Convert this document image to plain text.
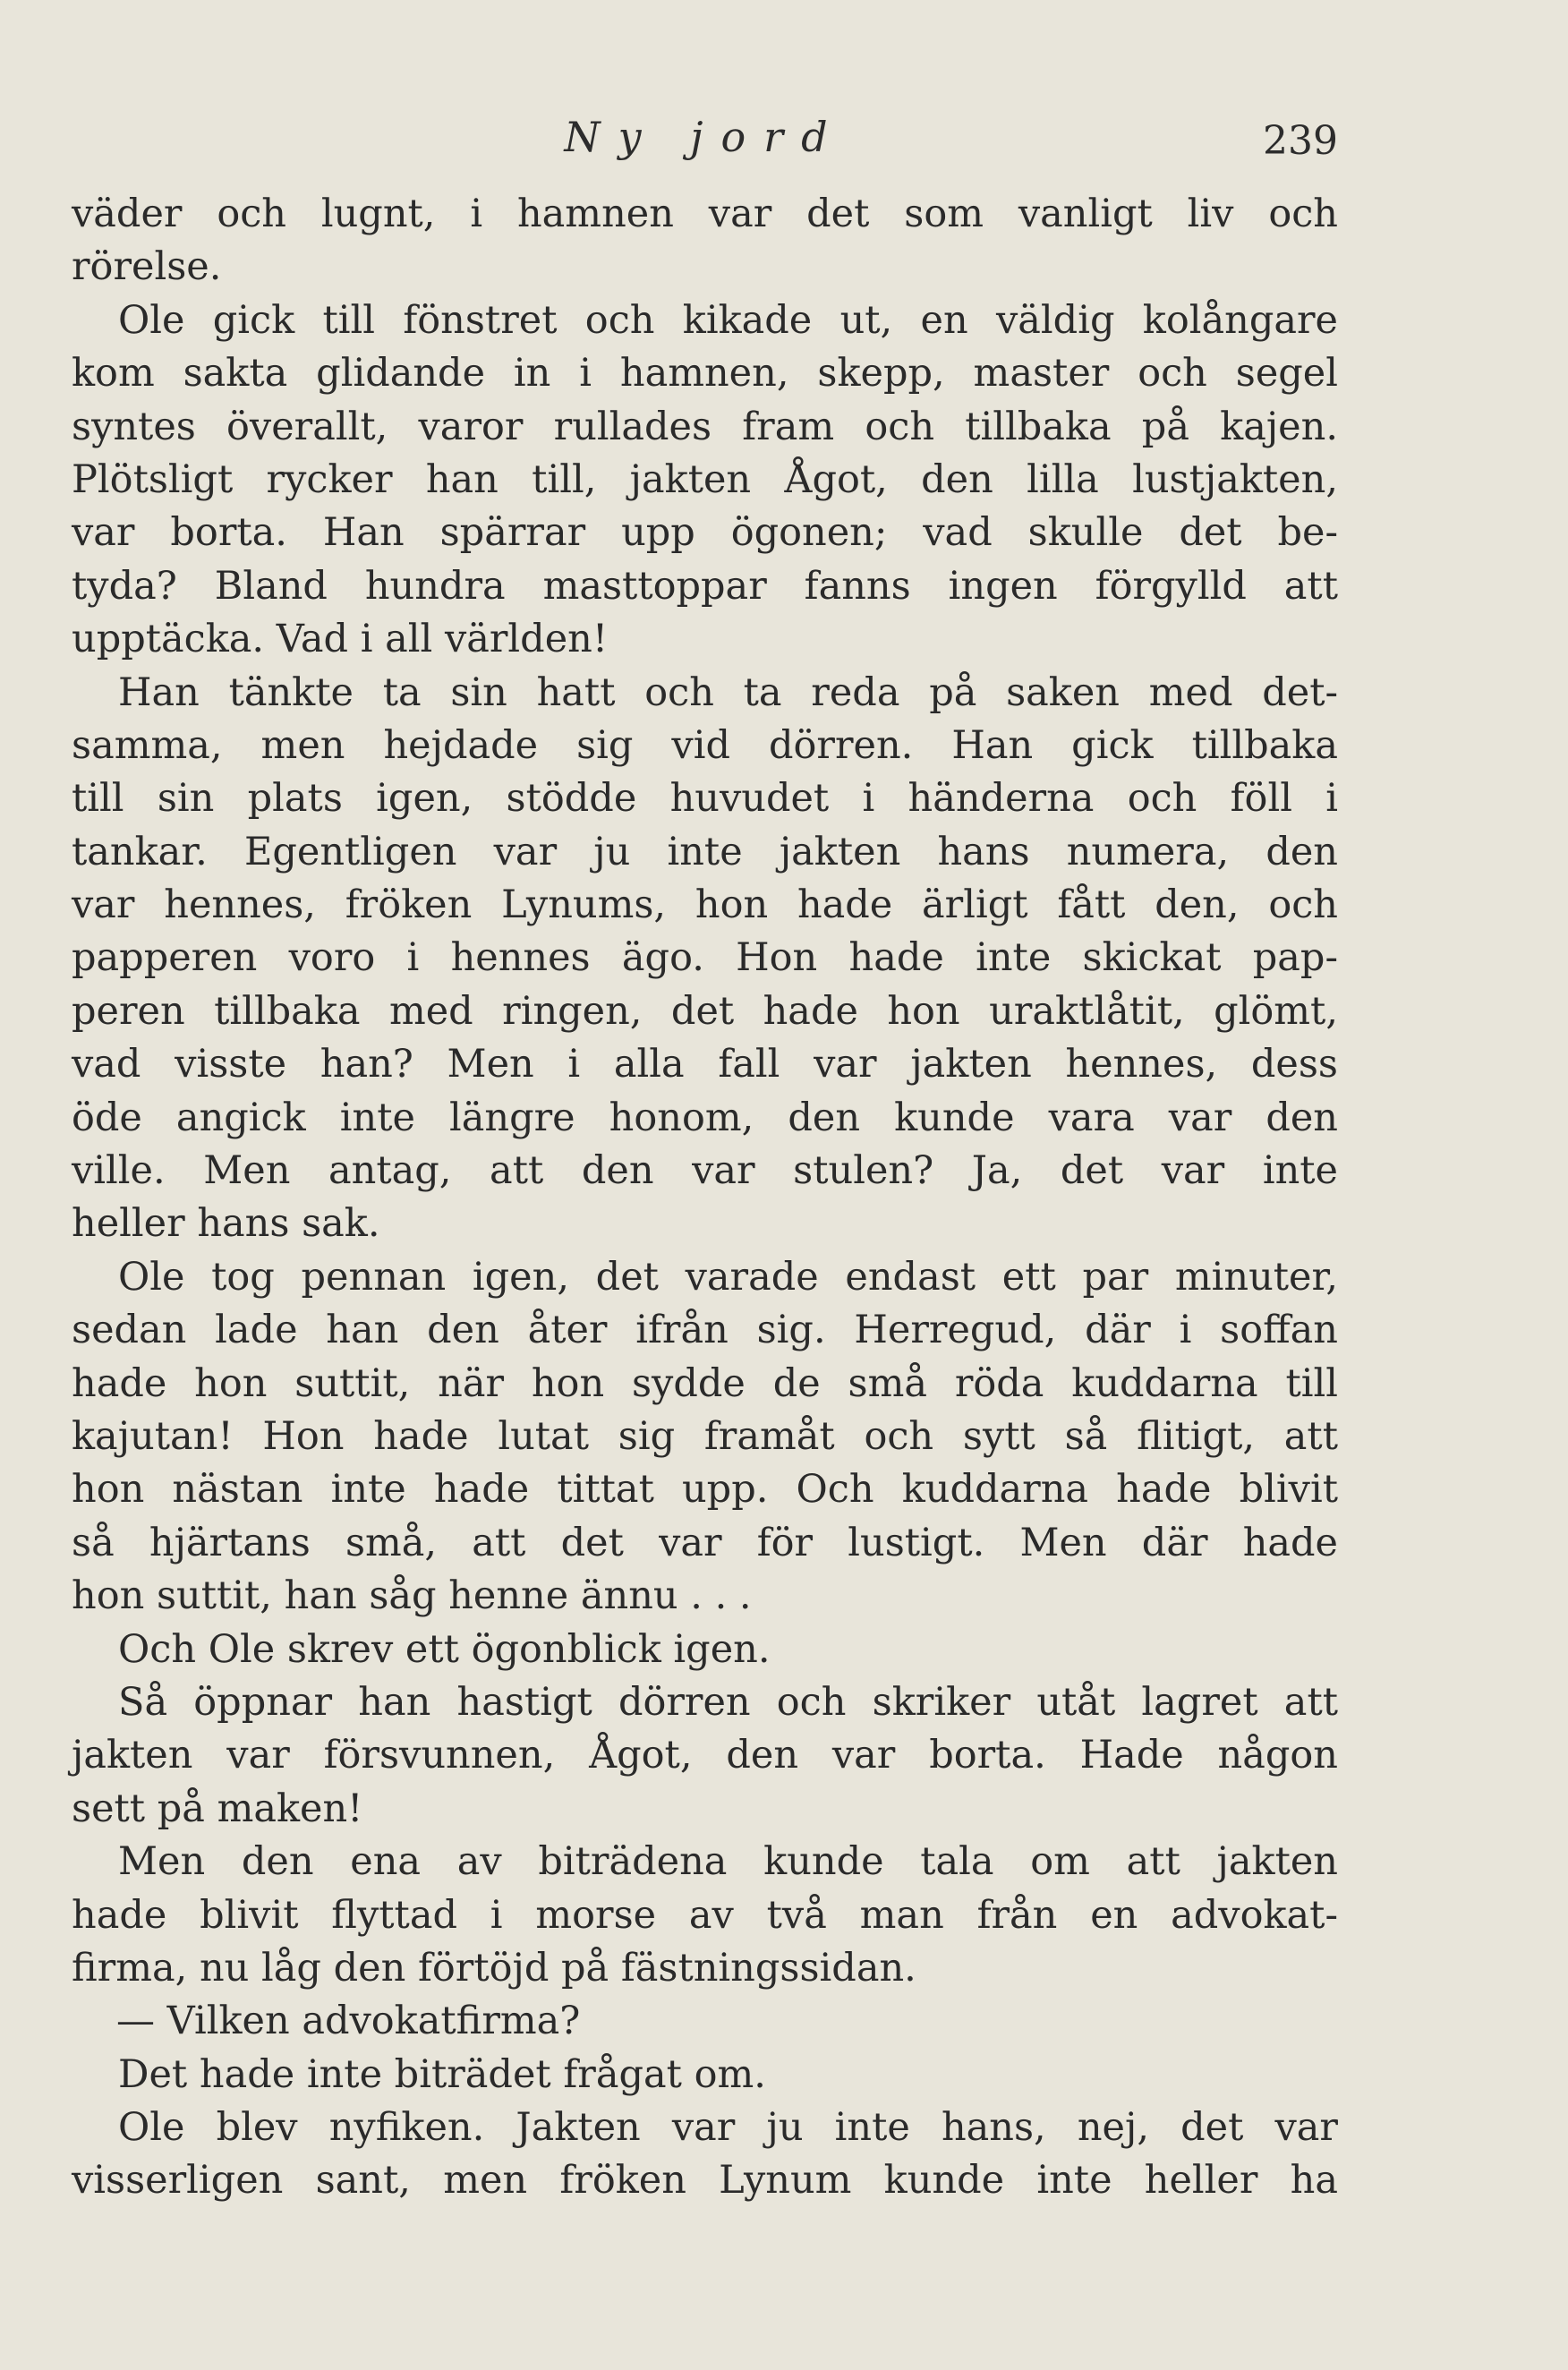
Ny jord	239
väder och lugnt, i hamnen var det som vanligt liv och
rörelse.
Ole gick till fönstret och kikade ut, en väldig kolångare
kom sakta glidande in i hamnen, skepp, master och segel
syntes överallt, varor rullades fram och tillbaka på kajen.
Plötsligt rycker han till, jakten Ågot, den lilla lustjakten,
var borta. Han spärrar upp ögonen; vad skulle det be-
tyda? Bland hundra masttoppar fanns ingen förgylld att
upptäcka. Vad i all världen!
Han tänkte ta sin hatt och ta reda på saken med det-
samma, men hejdade sig vid dörren. Han gick tillbaka
till sin plats igen, stödde huvudet i händerna och föll i
tankar. Egentligen var ju inte jakten hans numera, den
var hennes, fröken Lynums, hon hade ärligt fått den, och
papperen voro i hennes ägo. Hon hade inte skickat pap-
peren tillbaka med ringen, det hade hon uraktlåtit, glömt,
vad visste han? Men i alla fall var jakten hennes, dess
öde angick inte längre honom, den kunde vara var den
ville. Men antag, att den var stulen? Ja, det var inte
heller hans sak.
Ole tog pennan igen, det varade endast ett par minuter,
sedan lade han den åter ifrån sig. Herregud, där i soffan
hade hon suttit, när hon sydde de små röda kuddarna till
kajutan! Hon hade lutat sig framåt och sytt så flitigt, att
hon nästan inte hade tittat upp. Och kuddarna hade blivit
så hjärtans små, att det var för lustigt. Men där hade
hon suttit, han såg henne ännu . . .
Och Ole skrev ett ögonblick igen.
Så öppnar han hastigt dörren och skriker utåt lagret att
jakten var försvunnen, Ågot, den var borta. Hade någon
sett på maken!
Men den ena av biträdena kunde tala om att jakten
hade blivit flyttad i morse av två man från en advokat-
firma, nu låg den förtöjd på fästningssidan.
— Vilken advokatfirma?
Det hade inte biträdet frågat om.
Ole blev nyfiken. Jakten var ju inte hans, nej, det var
visserligen sant, men fröken Lynum kunde inte heller ha
